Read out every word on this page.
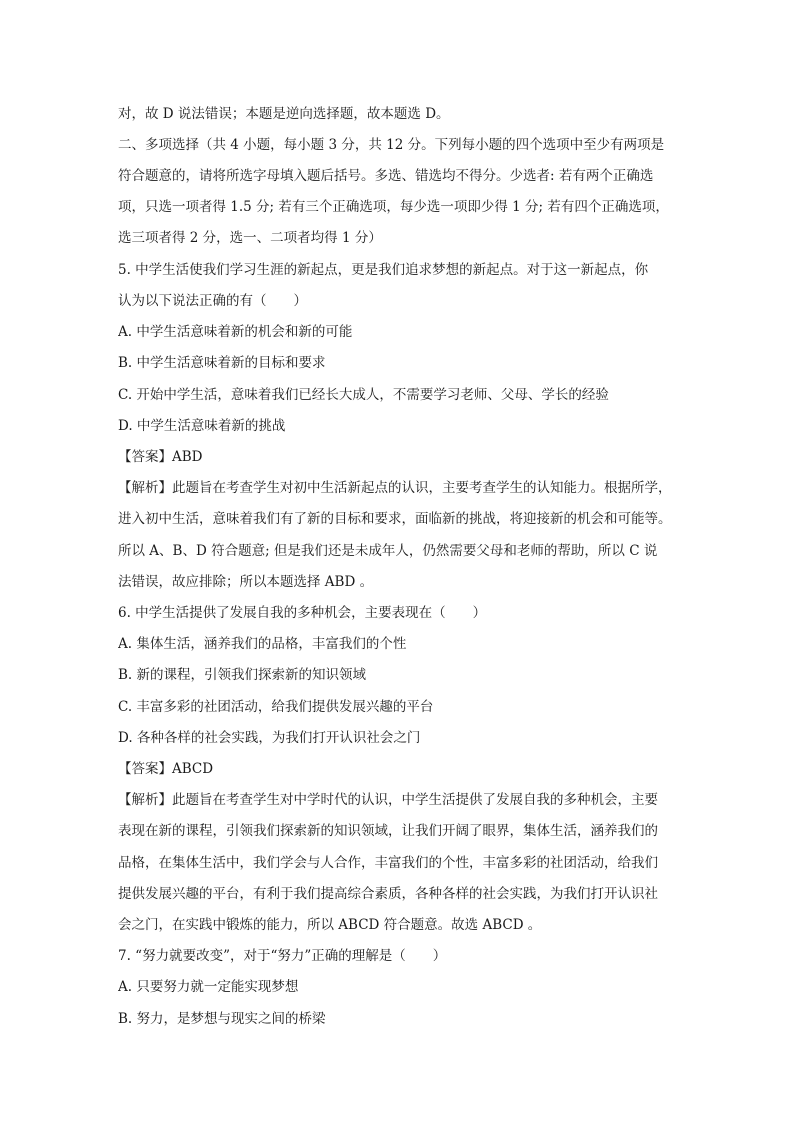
对，故 D 说法错误；本题是逆向选择题，故本题选 D。
二、多项选择（共 4 小题，每小题 3 分，共 12 分。下列每小题的四个选项中至少有两项是
符合题意的，请将所选字母填入题后括号。多选、错选均不得分。少选者: 若有两个正确选
项，只选一项者得 1.5 分; 若有三个正确选项，每少选一项即少得 1 分; 若有四个正确选项，
选三项者得 2 分，选一、二项者均得 1 分）
5. 中学生活使我们学习生涯的新起点，更是我们追求梦想的新起点。对于这一新起点，你
认为以下说法正确的有（　　）
A. 中学生活意味着新的机会和新的可能
B. 中学生活意味着新的目标和要求
C. 开始中学生活，意味着我们已经长大成人，不需要学习老师、父母、学长的经验
D. 中学生活意味着新的挑战
【答案】ABD
【解析】此题旨在考查学生对初中生活新起点的认识，主要考查学生的认知能力。根据所学，
进入初中生活，意味着我们有了新的目标和要求，面临新的挑战，将迎接新的机会和可能等。
所以 A、B、D 符合题意; 但是我们还是未成年人，仍然需要父母和老师的帮助，所以 C 说
法错误，故应排除；所以本题选择 ABD 。
6. 中学生活提供了发展自我的多种机会，主要表现在（　　）
A. 集体生活，涵养我们的品格，丰富我们的个性
B. 新的课程，引领我们探索新的知识领域
C. 丰富多彩的社团活动，给我们提供发展兴趣的平台
D. 各种各样的社会实践，为我们打开认识社会之门
【答案】ABCD
【解析】此题旨在考查学生对中学时代的认识，中学生活提供了发展自我的多种机会，主要
表现在新的课程，引领我们探索新的知识领域，让我们开阔了眼界，集体生活，涵养我们的
品格，在集体生活中，我们学会与人合作，丰富我们的个性，丰富多彩的社团活动，给我们
提供发展兴趣的平台，有利于我们提高综合素质，各种各样的社会实践，为我们打开认识社
会之门，在实践中锻炼的能力，所以 ABCD 符合题意。故选 ABCD 。
7. “努力就要改变”，对于“努力”正确的理解是（　　）
A. 只要努力就一定能实现梦想
B. 努力，是梦想与现实之间的桥梁
